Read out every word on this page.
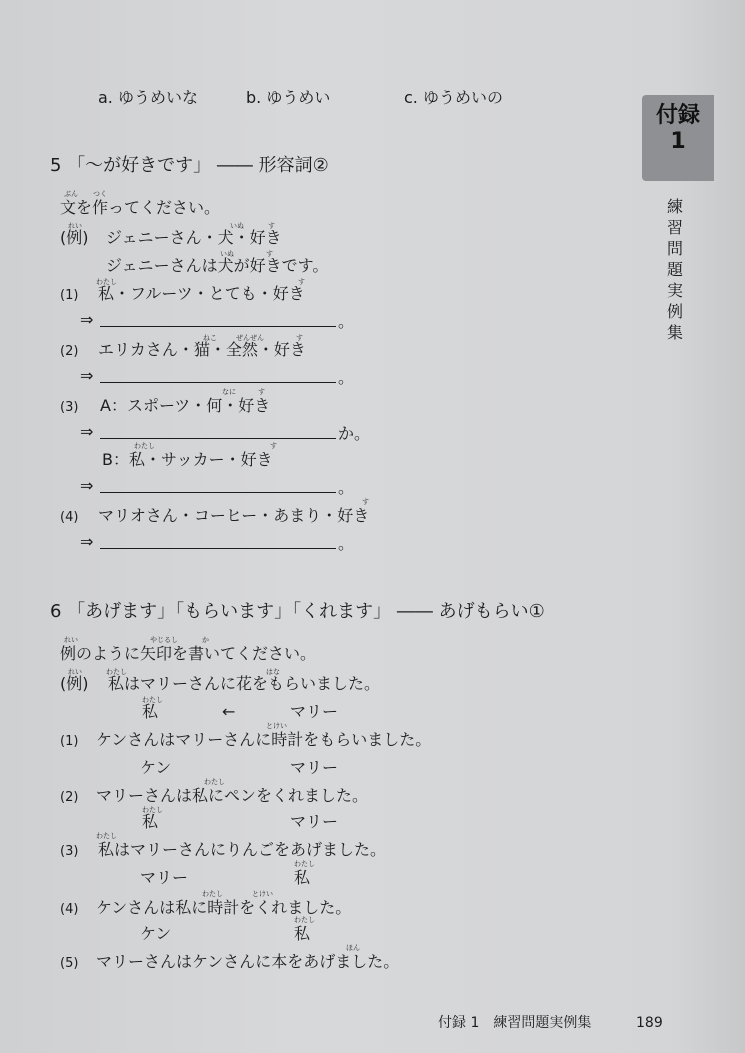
付録
1
練習問題実例集
a. ゆうめいな	b. ゆうめい	c. ゆうめいの
5 「～が好きです」 ―― 形容詞②
ぶん つく
文を作ってください。
れい
(例)
いぬ	す
ジェニーさん・犬・好き
いぬ	す
ジェニーさんは犬が好きです。
(1)
わたし	す
私・フルーツ・とても・好き
⇒	。
(2)
ねこ	ぜんぜん	す
エリカさん・猫・全然・好き
⇒	。
(3)
なに	す
A：スポーツ・何・好き
⇒	か。
わたし	す
B：私・サッカー・好き
⇒	。
(4)
す
マリオさん・コーヒー・あまり・好き
⇒	。
6 「あげます」「もらいます」「くれます」 ―― あげもらい①
れい	やじるし	か
例のように矢印を書いてください。
れい
(例)
わたし	はな
私はマリーさんに花をもらいました。
わたし
私	←	マリー
(1)
とけい
ケンさんはマリーさんに時計をもらいました。
ケン	マリー
(2)
わたし
マリーさんは私にペンをくれました。
わたし
私	マリー
(3)
わたし
私はマリーさんにりんごをあげました。
マリー
わたし
私
(4)
わたし	とけい
ケンさんは私に時計をくれました。
ケン
わたし
私
(5)
ほん
マリーさんはケンさんに本をあげました。
付録 1　練習問題実例集	189
